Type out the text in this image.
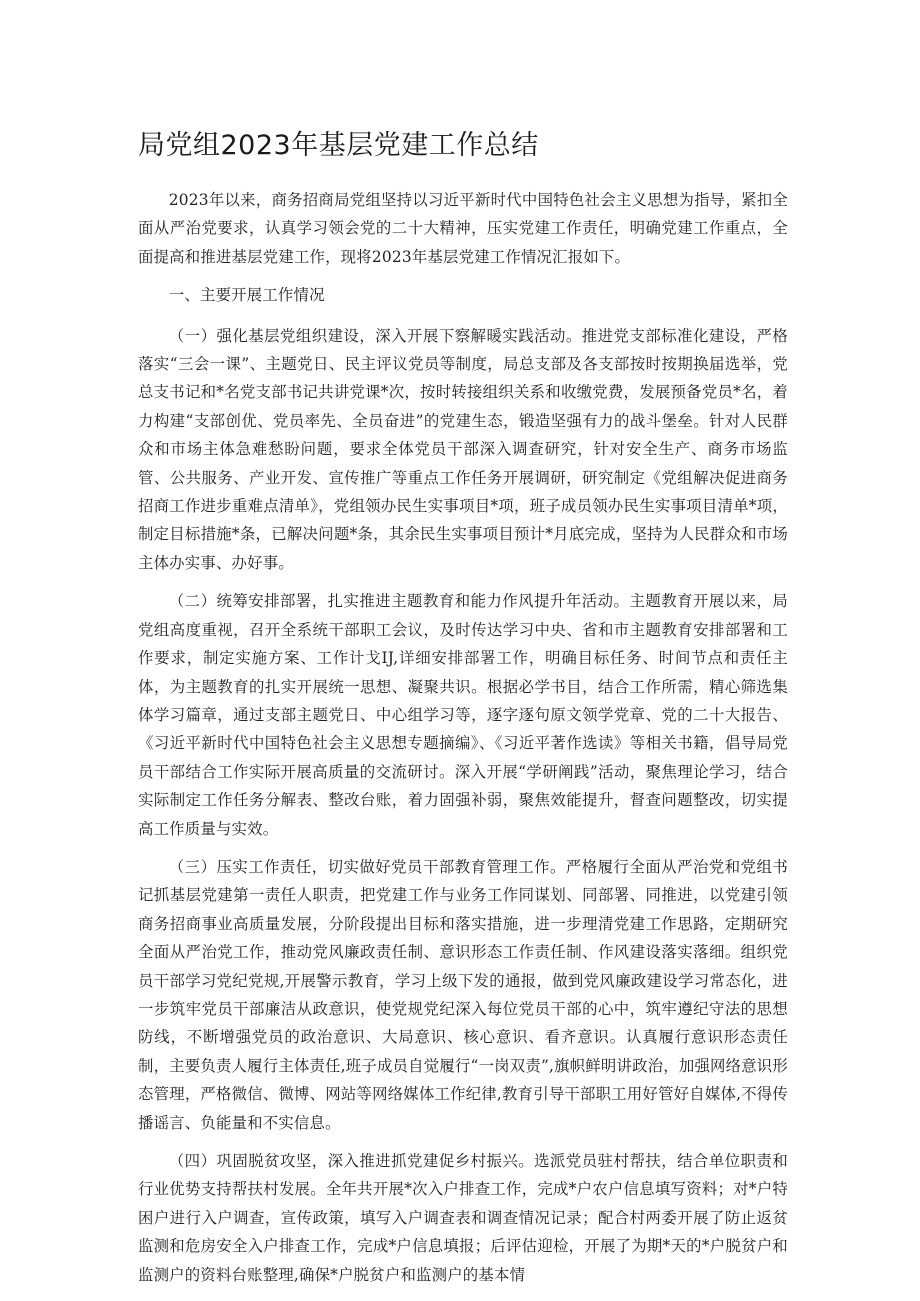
局党组2023年基层党建工作总结

2023年以来，商务招商局党组坚持以习近平新时代中国特色社会主义思想为指导，紧扣全面从严治党要求，认真学习领会党的二十大精神，压实党建工作责任，明确党建工作重点，全面提高和推进基层党建工作，现将2023年基层党建工作情况汇报如下。

一、主要开展工作情况

（一）强化基层党组织建设，深入开展下察解暖实践活动。推进党支部标准化建设，严格落实“三会一课”、主题党日、民主评议党员等制度，局总支部及各支部按时按期换届选举，党总支书记和*名党支部书记共讲党课*次，按时转接组织关系和收缴党费，发展预备党员*名，着力构建“支部创优、党员率先、全员奋进”的党建生态，锻造坚强有力的战斗堡垒。针对人民群众和市场主体急难愁盼问题，要求全体党员干部深入调查研究，针对安全生产、商务市场监管、公共服务、产业开发、宣传推广等重点工作任务开展调研，研究制定《党组解决促进商务招商工作进步重难点清单》，党组领办民生实事项目*项，班子成员领办民生实事项目清单*项，制定目标措施*条，已解决问题*条，其余民生实事项目预计*月底完成，坚持为人民群众和市场主体办实事、办好事。

（二）统筹安排部署，扎实推进主题教育和能力作风提升年活动。主题教育开展以来，局党组高度重视，召开全系统干部职工会议，及时传达学习中央、省和市主题教育安排部署和工作要求，制定实施方案、工作计戈IJ,详细安排部署工作，明确目标任务、时间节点和责任主体，为主题教育的扎实开展统一思想、凝聚共识。根据必学书目，结合工作所需，精心筛选集体学习篇章，通过支部主题党日、中心组学习等，逐字逐句原文领学党章、党的二十大报告、《习近平新时代中国特色社会主义思想专题摘编》、《习近平著作选读》等相关书籍，倡导局党员干部结合工作实际开展高质量的交流研讨。深入开展“学研阐践”活动，聚焦理论学习，结合实际制定工作任务分解表、整改台账，着力固强补弱，聚焦效能提升，督查问题整改，切实提高工作质量与实效。

（三）压实工作责任，切实做好党员干部教育管理工作。严格履行全面从严治党和党组书记抓基层党建第一责任人职责，把党建工作与业务工作同谋划、同部署、同推进，以党建引领商务招商事业高质量发展，分阶段提出目标和落实措施，进一步理清党建工作思路，定期研究全面从严治党工作，推动党风廉政责任制、意识形态工作责任制、作风建设落实落细。组织党员干部学习党纪党规,开展警示教育，学习上级下发的通报，做到党风廉政建设学习常态化，进一步筑牢党员干部廉洁从政意识，使党规党纪深入每位党员干部的心中，筑牢遵纪守法的思想防线，不断增强党员的政治意识、大局意识、核心意识、看齐意识。认真履行意识形态责任制，主要负责人履行主体责任,班子成员自觉履行“一岗双责”,旗帜鲜明讲政治，加强网络意识形态管理，严格微信、微博、网站等网络媒体工作纪律,教育引导干部职工用好管好自媒体,不得传播谣言、负能量和不实信息。

（四）巩固脱贫攻坚，深入推进抓党建促乡村振兴。选派党员驻村帮扶，结合单位职责和行业优势支持帮扶村发展。全年共开展*次入户排查工作，完成*户农户信息填写资料；对*户特困户进行入户调查，宣传政策，填写入户调查表和调查情况记录；配合村两委开展了防止返贫监测和危房安全入户排查工作，完成*户信息填报；后评估迎检，开展了为期*天的*户脱贫户和监测户的资料台账整理,确保*户脱贫户和监测户的基本情
